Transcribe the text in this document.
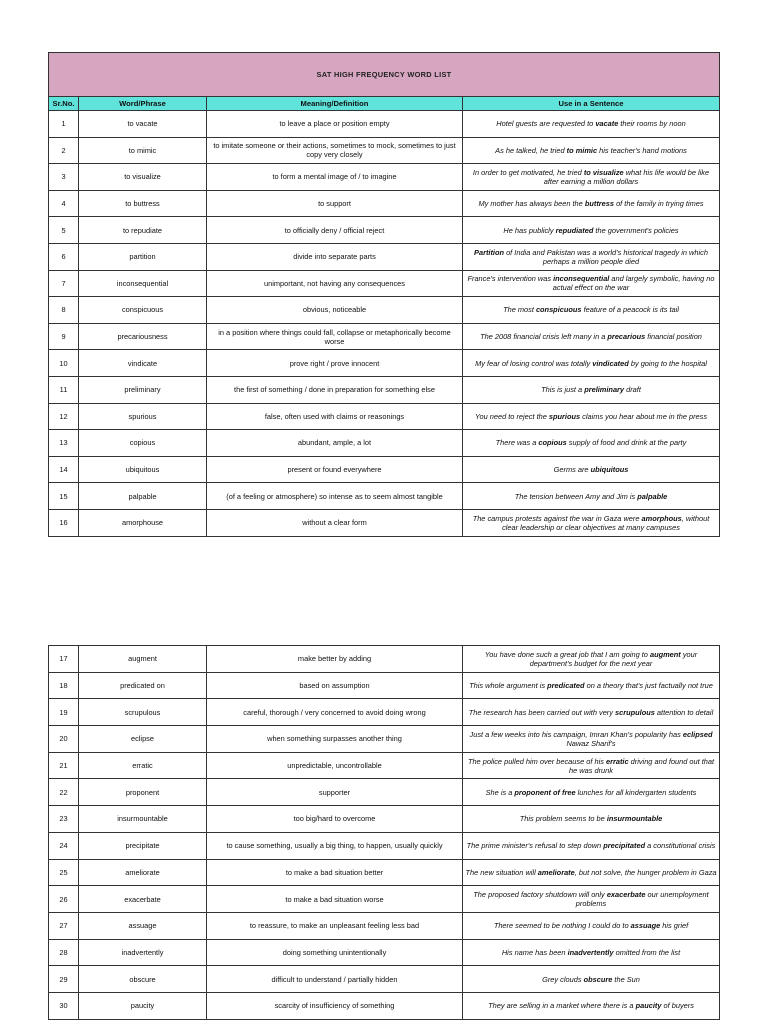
SAT HIGH FREQUENCY WORD LIST			
Sr.No.	Word/Phrase	Meaning/Definition	Use in a Sentence
1	to vacate	to leave a place or position empty	Hotel guests are requested to vacate their rooms by noon
2	to mimic	to imitate someone or their actions, sometimes to mock, sometimes to just copy very closely	As he talked, he tried to mimic his teacher's hand motions
3	to visualize	to form a mental image of / to imagine	In order to get motivated, he tried to visualize what his life would be like after earning a million dollars
4	to buttress	to support	My mother has always been the buttress of the family in trying times
5	to repudiate	to officially deny / official reject	He has publicly repudiated the government's policies
6	partition	divide into separate parts	Partition of India and Pakistan was a world's historical tragedy in which perhaps a million people died
7	inconsequential	unimportant, not having any consequences	France's intervention was inconsequential and largely symbolic, having no actual effect on the war
8	conspicuous	obvious, noticeable	The most conspicuous feature of a peacock is its tail
9	precariousness	in a position where things could fall, collapse or metaphorically become worse	The 2008 financial crisis left many in a precarious financial position
10	vindicate	prove right / prove innocent	My fear of losing control was totally vindicated by going to the hospital
11	preliminary	the first of something / done in preparation for something else	This is just a preliminary draft
12	spurious	false, often used with claims or reasonings	You need to reject the spurious claims you hear about me in the press
13	copious	abundant, ample, a lot	There was a copious supply of food and drink at the party
14	ubiquitous	present or found everywhere	Germs are ubiquitous
15	palpable	(of a feeling or atmosphere) so intense as to seem almost tangible	The tension between Amy and Jim is palpable
16	amorphouse	without a clear form	The campus protests against the war in Gaza were amorphous, without clear leadership or clear objectives at many campuses
17	augment	make better by adding	You have done such a great job that I am going to augment your department's budget for the next year
18	predicated on	based on assumption	This whole argument is predicated on a theory that's just factually not true
19	scrupulous	careful, thorough / very concerned to avoid doing wrong	The research has been carried out with very scrupulous attention to detail
20	eclipse	when something surpasses another thing	Just a few weeks into his campaign, Imran Khan's popularity has eclipsed Nawaz Sharif's
21	erratic	unpredictable, uncontrollable	The police pulled him over because of his erratic driving and found out that he was drunk
22	proponent	supporter	She is a proponent of free lunches for all kindergarten students
23	insurmountable	too big/hard to overcome	This problem seems to be insurmountable
24	precipitate	to cause something, usually a big thing, to happen, usually quickly	The prime minister's refusal to step down precipitated a constitutional crisis
25	ameliorate	to make a bad situation better	The new situation will ameliorate, but not solve, the hunger problem in Gaza
26	exacerbate	to make a bad situation worse	The proposed factory shutdown will only exacerbate our unemployment problems
27	assuage	to reassure, to make an unpleasant feeling less bad	There seemed to be nothing I could do to assuage his grief
28	inadvertently	doing something unintentionally	His name has been inadvertently omitted from the list
29	obscure	difficult to understand / partially hidden	Grey clouds obscure the Sun
30	paucity	scarcity of insufficiency of something	They are selling in a market where there is a paucity of buyers
